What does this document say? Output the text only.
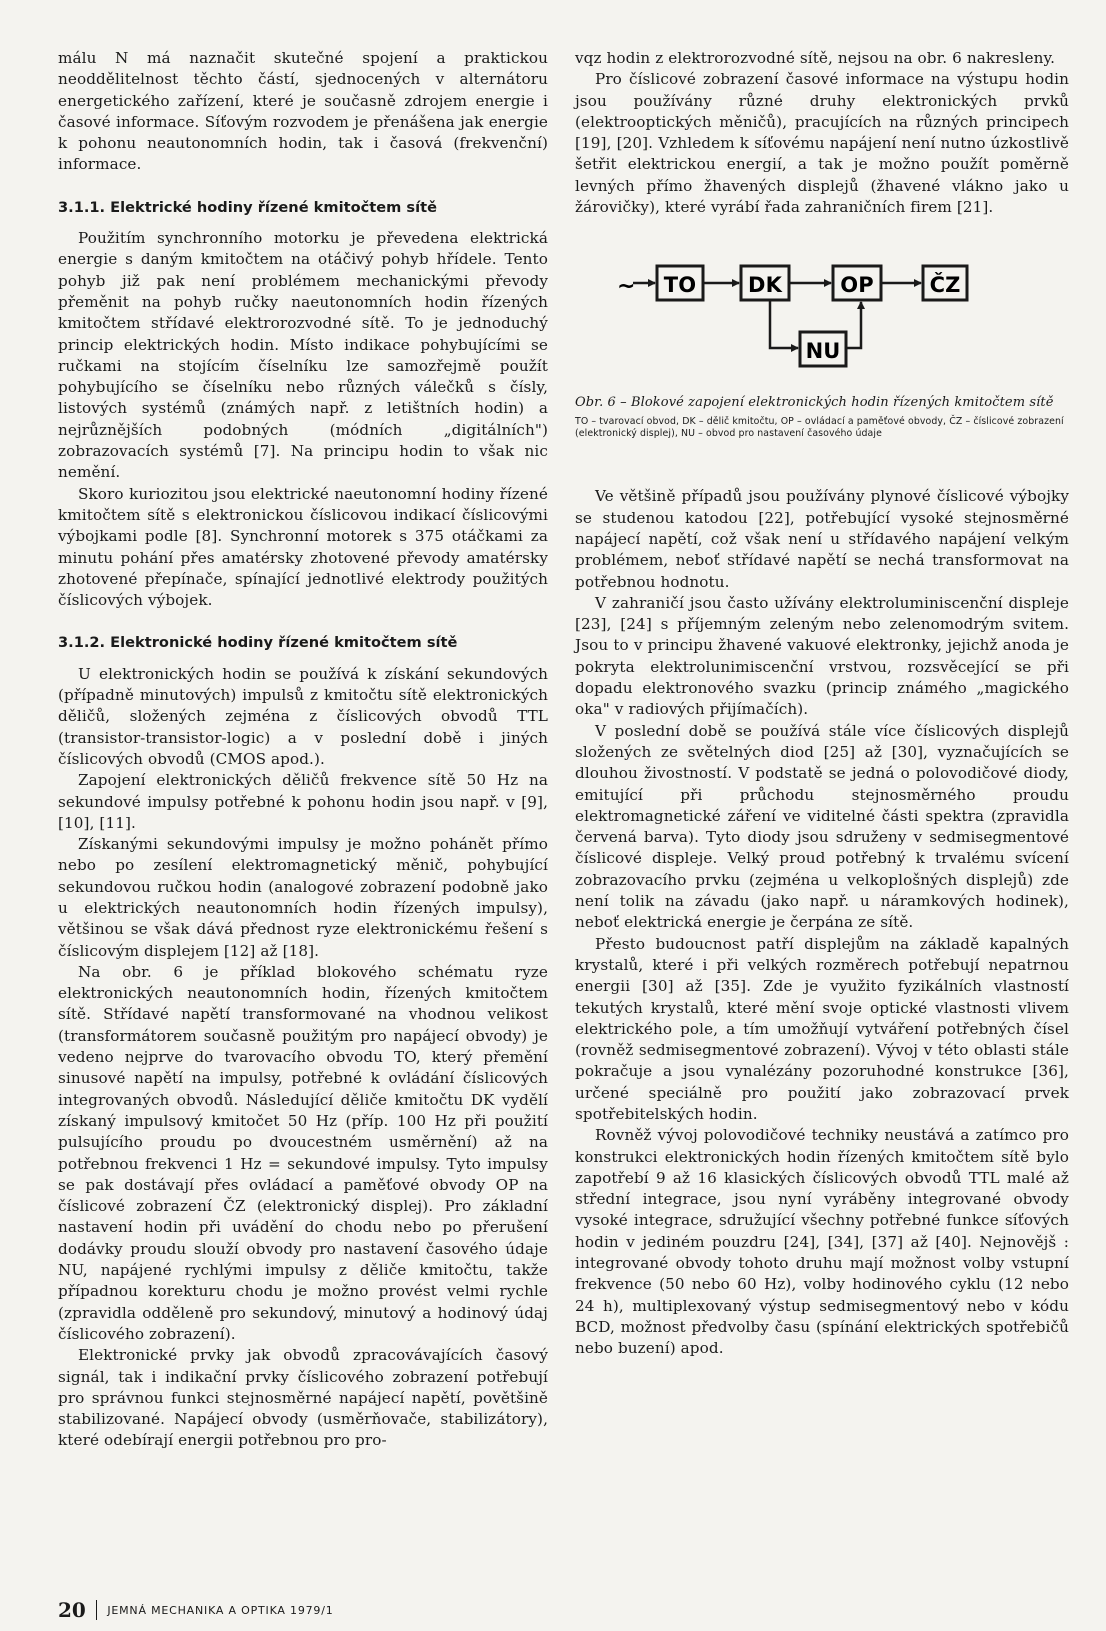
málu N má naznačit skutečné spojení a praktickou neoddělitelnost těchto částí, sjednocených v alternátoru energetického zařízení, které je současně zdrojem energie i časové informace. Síťovým rozvodem je přenášena jak energie k pohonu neautonomních hodin, tak i časová (frekvenční) informace.

3.1.1. Elektrické hodiny řízené kmitočtem sítě

Použitím synchronního motorku je převedena elektrická energie s daným kmitočtem na otáčivý pohyb hřídele. Tento pohyb již pak není problémem mechanickými převody přeměnit na pohyb ručky naeutonomních hodin řízených kmitočtem střídavé elektrorozvodné sítě. To je jednoduchý princip elektrických hodin. Místo indikace pohybujícími se ručkami na stojícím číselníku lze samozřejmě použít pohybujícího se číselníku nebo různých válečků s čísly, listových systémů (známých např. z letištních hodin) a nejrůznějších podobných (módních „digitálních") zobrazovacích systémů [7]. Na principu hodin to však nic nemění.

Skoro kuriozitou jsou elektrické naeutonomní hodiny řízené kmitočtem sítě s elektronickou číslicovou indikací číslicovými výbojkami podle [8]. Synchronní motorek s 375 otáčkami za minutu pohání přes amatérsky zhotovené převody amatérsky zhotovené přepínače, spínající jednotlivé elektrody použitých číslicových výbojek.

3.1.2. Elektronické hodiny řízené kmitočtem sítě

U elektronických hodin se používá k získání sekundových (případně minutových) impulsů z kmitočtu sítě elektronických děličů, složených zejména z číslicových obvodů TTL (transistor-transistor-logic) a v poslední době i jiných číslicových obvodů (CMOS apod.).

Zapojení elektronických děličů frekvence sítě 50 Hz na sekundové impulsy potřebné k pohonu hodin jsou např. v [9], [10], [11].

Získanými sekundovými impulsy je možno pohánět přímo nebo po zesílení elektromagnetický měnič, pohybující sekundovou ručkou hodin (analogové zobrazení podobně jako u elektrických neautonomních hodin řízených impulsy), většinou se však dává přednost ryze elektronickému řešení s číslicovým displejem [12] až [18].

Na obr. 6 je příklad blokového schématu ryze elektronických neautonomních hodin, řízených kmitočtem sítě. Střídavé napětí transformované na vhodnou velikost (transformátorem současně použitým pro napájecí obvody) je vedeno nejprve do tvarovacího obvodu TO, který přemění sinusové napětí na impulsy, potřebné k ovládání číslicových integrovaných obvodů. Následující děliče kmitočtu DK vydělí získaný impulsový kmitočet 50 Hz (příp. 100 Hz při použití pulsujícího proudu po dvoucestném usměrnění) až na potřebnou frekvenci 1 Hz = sekundové impulsy. Tyto impulsy se pak dostávají přes ovládací a paměťové obvody OP na číslicové zobrazení ČZ (elektronický displej). Pro základní nastavení hodin při uvádění do chodu nebo po přerušení dodávky proudu slouží obvody pro nastavení časového údaje NU, napájené rychlými impulsy z děliče kmitočtu, takže případnou korekturu chodu je možno provést velmi rychle (zpravidla odděleně pro sekundový, minutový a hodinový údaj číslicového zobrazení).

Elektronické prvky jak obvodů zpracovávajících časový signál, tak i indikační prvky číslicového zobrazení potřebují pro správnou funkci stejnosměrné napájecí napětí, povětšině stabilizované. Napájecí obvody (usměrňovače, stabilizátory), které odebírají energii potřebnou pro pro-

vqz hodin z elektrorozvodné sítě, nejsou na obr. 6 nakresleny.

Pro číslicové zobrazení časové informace na výstupu hodin jsou používány různé druhy elektronických prvků (elektrooptických měničů), pracujících na různých principech [19], [20]. Vzhledem k síťovému napájení není nutno úzkostlivě šetřit elektrickou energií, a tak je možno použít poměrně levných přímo žhavených displejů (žhavené vlákno jako u žárovičky), které vyrábí řada zahraničních firem [21].

~ TO DK	OP	ČZ
NU
Obr. 6 – Blokové zapojení elektronických hodin řízených kmitočtem sítě
TO – tvarovací obvod, DK – dělič kmitočtu, OP – ovládací a paměťové obvody, ČZ – číslicové zobrazení (elektronický displej), NU – obvod pro nastavení časového údaje

Ve většině případů jsou používány plynové číslicové výbojky se studenou katodou [22], potřebující vysoké stejnosměrné napájecí napětí, což však není u střídavého napájení velkým problémem, neboť střídavé napětí se nechá transformovat na potřebnou hodnotu.

V zahraničí jsou často užívány elektroluminiscenční displeje [23], [24] s příjemným zeleným nebo zelenomodrým svitem. Jsou to v principu žhavené vakuové elektronky, jejichž anoda je pokryta elektrolunimiscenční vrstvou, rozsvěcející se při dopadu elektronového svazku (princip známého „magického oka" v radiových přijímačích).

V poslední době se používá stále více číslicových displejů složených ze světelných diod [25] až [30], vyznačujících se dlouhou živostností. V podstatě se jedná o polovodičové diody, emitující při průchodu stejnosměrného proudu elektromagnetické záření ve viditelné části spektra (zpravidla červená barva). Tyto diody jsou sdruženy v sedmisegmentové číslicové displeje. Velký proud potřebný k trvalému svícení zobrazovacího prvku (zejména u velkoplošných displejů) zde není tolik na závadu (jako např. u náramkových hodinek), neboť elektrická energie je čerpána ze sítě.

Přesto budoucnost patří displejům na základě kapalných krystalů, které i při velkých rozměrech potřebují nepatrnou energii [30] až [35]. Zde je využito fyzikálních vlastností tekutých krystalů, které mění svoje optické vlastnosti vlivem elektrického pole, a tím umožňují vytváření potřebných čísel (rovněž sedmisegmentové zobrazení). Vývoj v této oblasti stále pokračuje a jsou vynalézány pozoruhodné konstrukce [36], určené speciálně pro použití jako zobrazovací prvek spotřebitelských hodin.

Rovněž vývoj polovodičové techniky neustává a zatímco pro konstrukci elektronických hodin řízených kmitočtem sítě bylo zapotřebí 9 až 16 klasických číslicových obvodů TTL malé až střední integrace, jsou nyní vyráběny integrované obvody vysoké integrace, sdružující všechny potřebné funkce síťových hodin v jediném pouzdru [24], [34], [37] až [40]. Nejnovějš : integrované obvody tohoto druhu mají možnost volby vstupní frekvence (50 nebo 60 Hz), volby hodinového cyklu (12 nebo 24 h), multiplexovaný výstup sedmisegmentový nebo v kódu BCD, možnost předvolby času (spínání elektrických spotřebičů nebo buzení) apod.

20 JEMNÁ MECHANIKA A OPTIKA 1979/1
